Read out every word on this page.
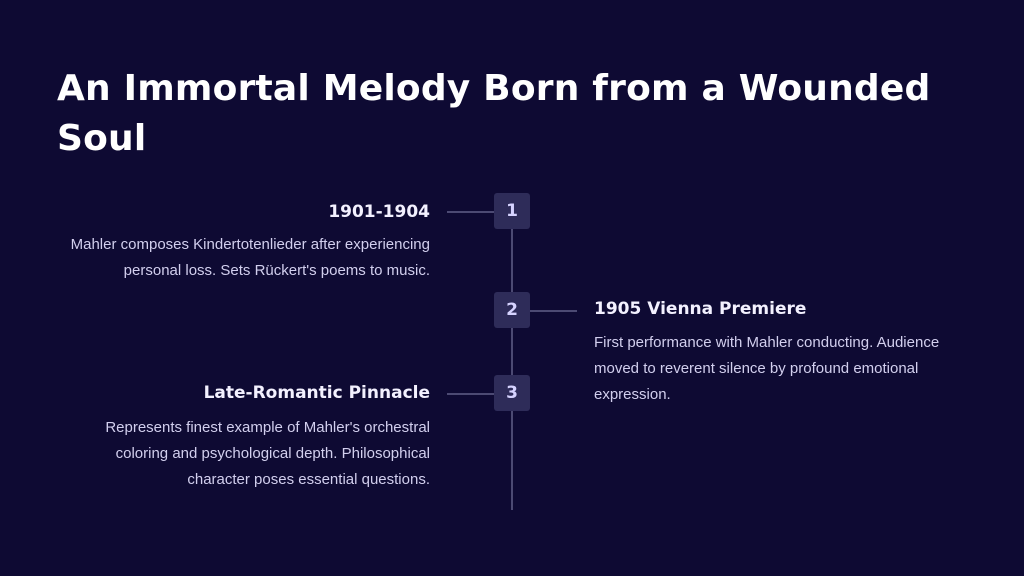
An Immortal Melody Born from a Wounded Soul
1
1901-1904

Mahler composes Kindertotenlieder after experiencing personal loss. Sets Rückert's poems to music.

2	1905 Vienna Premiere

First performance with Mahler conducting. Audience moved to reverent silence by profound emotional expression.

3
Late-Romantic Pinnacle

Represents finest example of Mahler's orchestral coloring and psychological depth. Philosophical character poses essential questions.
